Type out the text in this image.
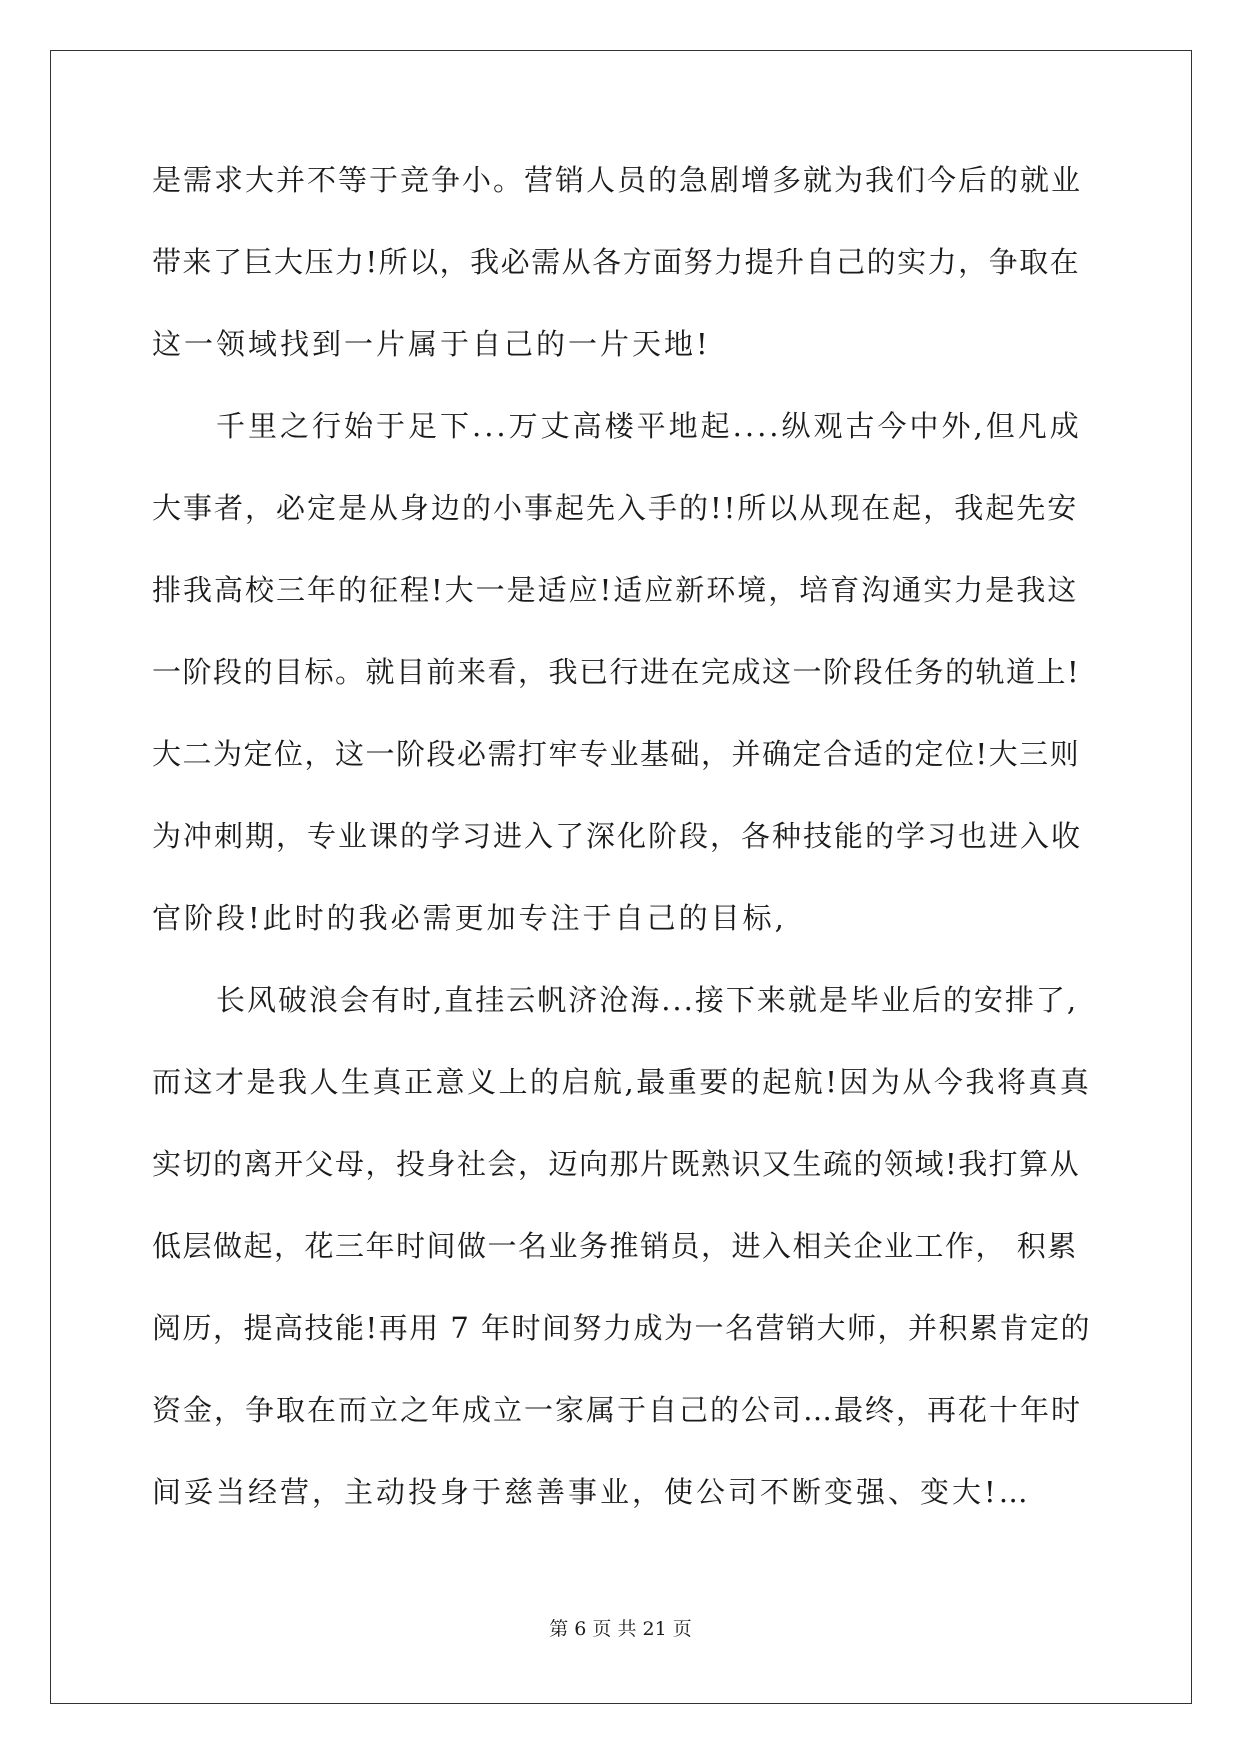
是需求大并不等于竞争小。营销人员的急剧增多就为我们今后的就业
带来了巨大压力!所以，我必需从各方面努力提升自己的实力，争取在
这一领域找到一片属于自己的一片天地!
千里之行始于足下...万丈高楼平地起....纵观古今中外,但凡成
大事者，必定是从身边的小事起先入手的!!所以从现在起，我起先安
排我高校三年的征程!大一是适应!适应新环境，培育沟通实力是我这
一阶段的目标。就目前来看，我已行进在完成这一阶段任务的轨道上!
大二为定位，这一阶段必需打牢专业基础，并确定合适的定位!大三则
为冲刺期，专业课的学习进入了深化阶段，各种技能的学习也进入收
官阶段!此时的我必需更加专注于自己的目标,
长风破浪会有时,直挂云帆济沧海...接下来就是毕业后的安排了,
而这才是我人生真正意义上的启航,最重要的起航!因为从今我将真真
实切的离开父母，投身社会，迈向那片既熟识又生疏的领域!我打算从
低层做起，花三年时间做一名业务推销员，进入相关企业工作， 积累
阅历，提高技能!再用 7 年时间努力成为一名营销大师，并积累肯定的
资金，争取在而立之年成立一家属于自己的公司…最终，再花十年时
间妥当经营，主动投身于慈善事业，使公司不断变强、变大!…
第 6 页 共 21 页
